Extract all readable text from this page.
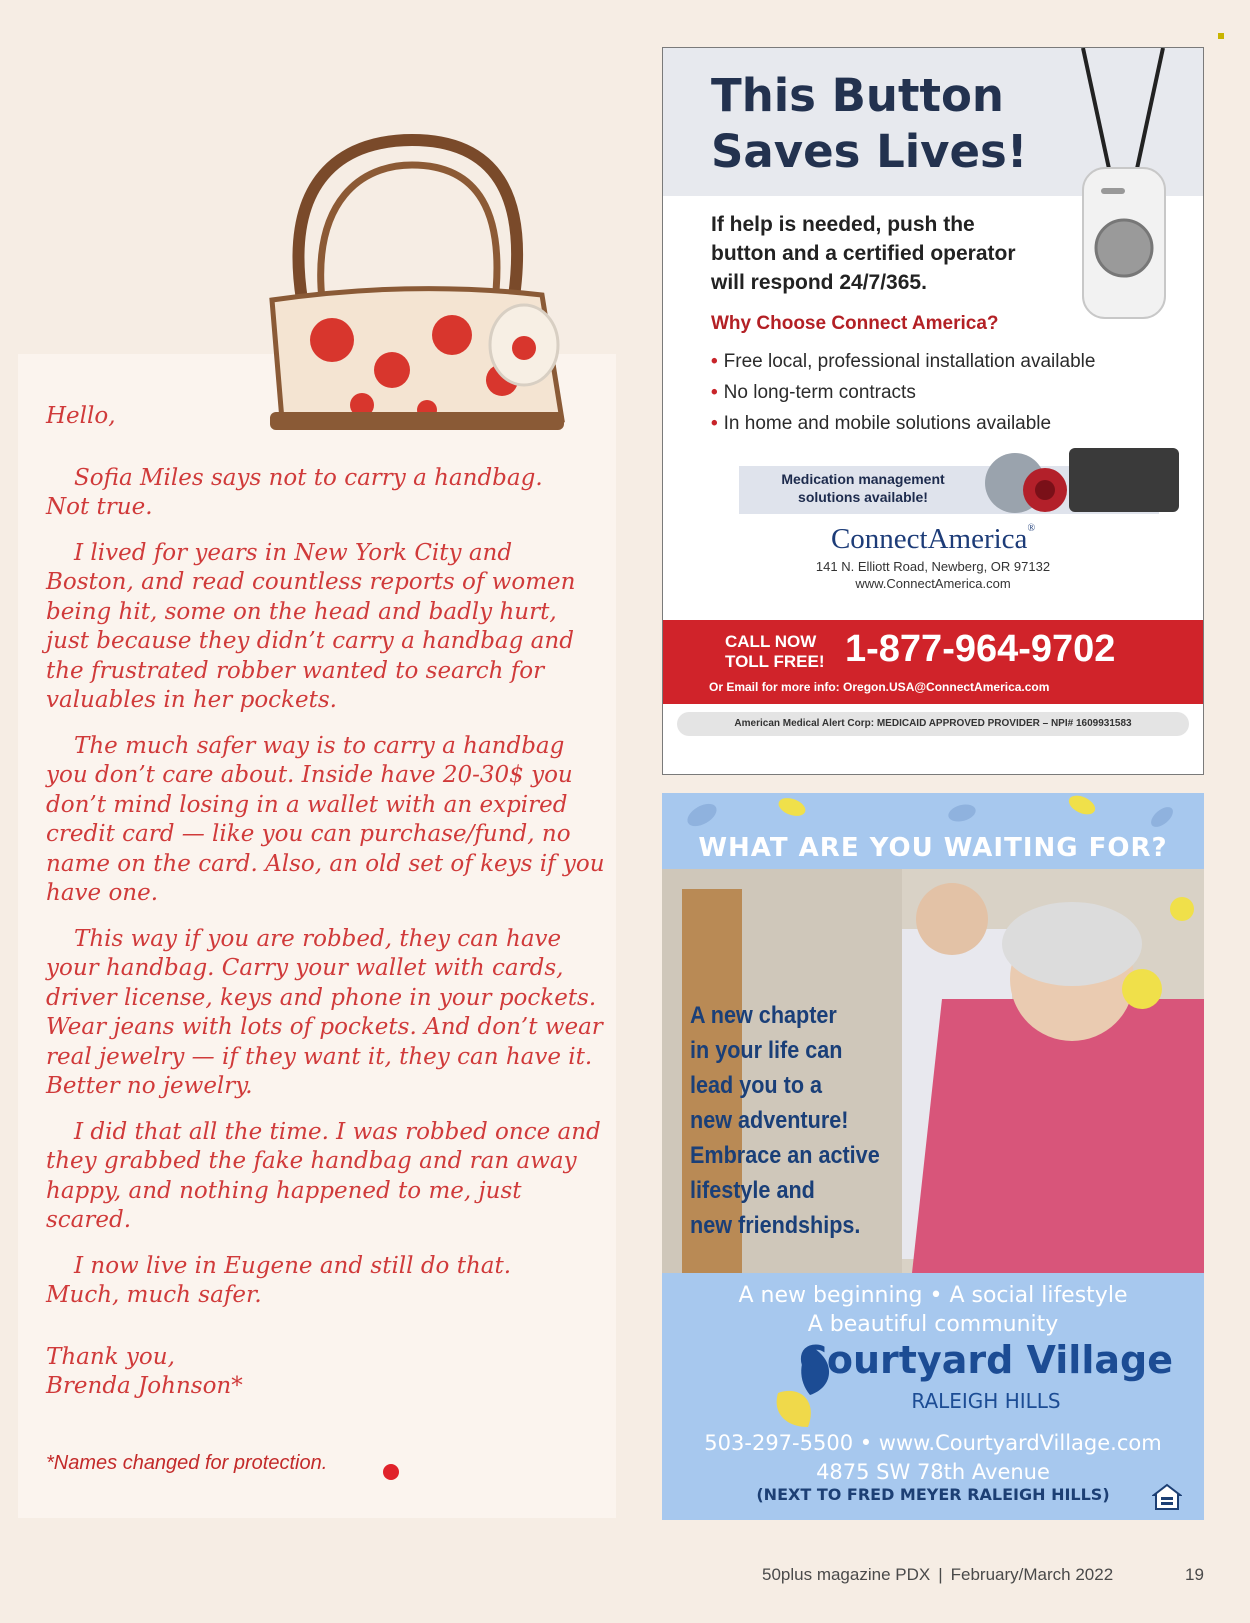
Hello,

Sofia Miles says not to carry a handbag.

Not true.

I lived for years in New York City and Boston, and read countless reports of women being hit, some on the head and badly hurt, just because they didn’t carry a handbag and the frustrated robber wanted to search for valuables in her pockets.

The much safer way is to carry a handbag you don’t care about. Inside have 20-30$ you don’t mind losing in a wallet with an expired credit card — like you can purchase/fund, no name on the card. Also, an old set of keys if you have one.

This way if you are robbed, they can have your handbag. Carry your wallet with cards, driver license, keys and phone in your pockets. Wear jeans with lots of pockets. And don’t wear real jewelry — if they want it, they can have it. Better no jewelry.

I did that all the time. I was robbed once and they grabbed the fake handbag and ran away happy, and nothing happened to me, just scared.

I now live in Eugene and still do that.

Much, much safer.

Thank you,

Brenda Johnson*

*Names changed for protection.
This Button
Saves Lives!
If help is needed, push the
button and a certified operator
will respond 24/7/365.
Why Choose Connect America?
• Free local, professional installation available
• No long-term contracts
• In home and mobile solutions available
Medication management
solutions available!
ConnectAmerica®
141 N. Elliott Road, Newberg, OR 97132
www.ConnectAmerica.com
CALL NOW
TOLL FREE! 1-877-964-9702
Or Email for more info: Oregon.USA@ConnectAmerica.com
American Medical Alert Corp: MEDICAID APPROVED PROVIDER – NPI# 1609931583
WHAT ARE YOU WAITING FOR?
A new chapter
in your life can
lead you to a
new adventure!
Embrace an active
lifestyle and
new friendships.
A new beginning • A social lifestyle
A beautiful community
Courtyard Village
RALEIGH HILLS
503-297-5500 • www.CourtyardVillage.com
4875 SW 78th Avenue
(NEXT TO FRED MEYER RALEIGH HILLS)
50plus magazine PDX | February/March 2022	19
